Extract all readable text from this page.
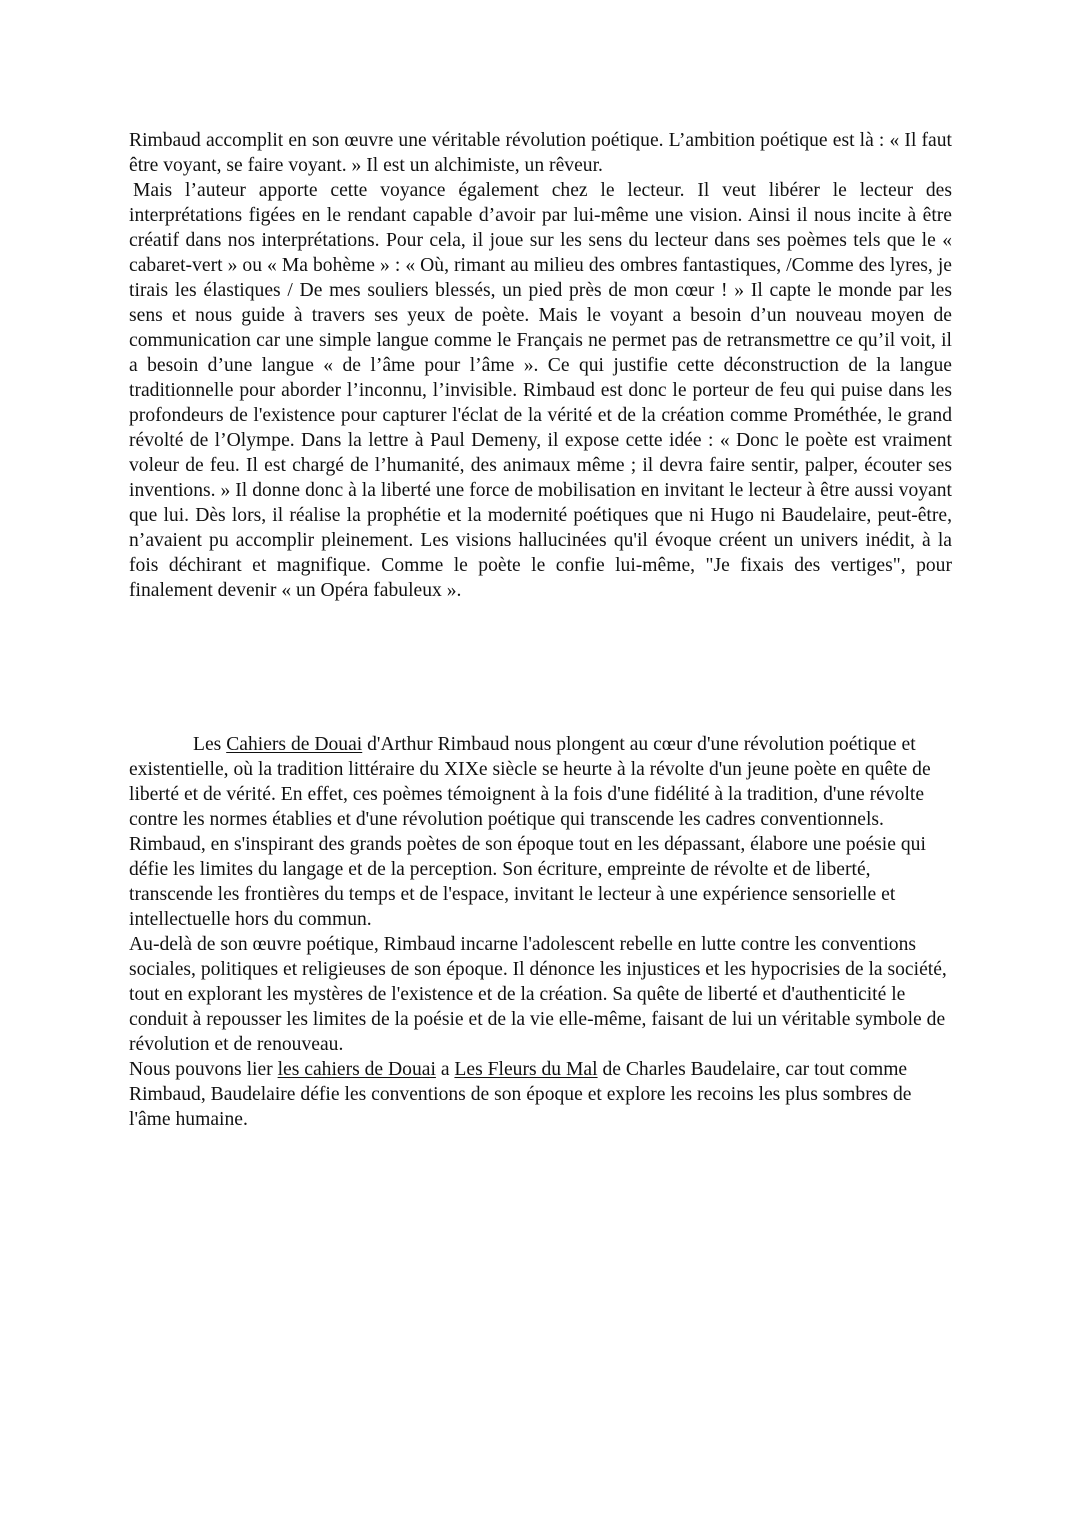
Rimbaud accomplit en son œuvre une véritable révolution poétique. L’ambition poétique est là : « Il faut être voyant, se faire voyant. » Il est un alchimiste, un rêveur.

Mais l’auteur apporte cette voyance également chez le lecteur. Il veut libérer le lecteur des interprétations figées en le rendant capable d’avoir par lui-même une vision. Ainsi il nous incite à être créatif dans nos interprétations. Pour cela, il joue sur les sens du lecteur dans ses poèmes tels que le « cabaret-vert » ou « Ma bohème » : « Où, rimant au milieu des ombres fantastiques, /Comme des lyres, je tirais les élastiques / De mes souliers blessés, un pied près de mon cœur ! » Il capte le monde par les sens et nous guide à travers ses yeux de poète. Mais le voyant a besoin d’un nouveau moyen de communication car une simple langue comme le Français ne permet pas de retransmettre ce qu’il voit, il a besoin d’une langue « de l’âme pour l’âme ». Ce qui justifie cette déconstruction de la langue traditionnelle pour aborder l’inconnu, l’invisible. Rimbaud est donc le porteur de feu qui puise dans les profondeurs de l'existence pour capturer l'éclat de la vérité et de la création comme Prométhée, le grand révolté de l’Olympe. Dans la lettre à Paul Demeny, il expose cette idée : « Donc le poète est vraiment voleur de feu. Il est chargé de l’humanité, des animaux même ; il devra faire sentir, palper, écouter ses inventions. » Il donne donc à la liberté une force de mobilisation en invitant le lecteur à être aussi voyant que lui. Dès lors, il réalise la prophétie et la modernité poétiques que ni Hugo ni Baudelaire, peut-être, n’avaient pu accomplir pleinement. Les visions hallucinées qu'il évoque créent un univers inédit, à la fois déchirant et magnifique. Comme le poète le confie lui-même, "Je fixais des vertiges", pour finalement devenir « un Opéra fabuleux ».

Les Cahiers de Douai d'Arthur Rimbaud nous plongent au cœur d'une révolution poétique et existentielle, où la tradition littéraire du XIXe siècle se heurte à la révolte d'un jeune poète en quête de liberté et de vérité. En effet, ces poèmes témoignent à la fois d'une fidélité à la tradition, d'une révolte contre les normes établies et d'une révolution poétique qui transcende les cadres conventionnels.

Rimbaud, en s'inspirant des grands poètes de son époque tout en les dépassant, élabore une poésie qui défie les limites du langage et de la perception. Son écriture, empreinte de révolte et de liberté, transcende les frontières du temps et de l'espace, invitant le lecteur à une expérience sensorielle et intellectuelle hors du commun.

Au-delà de son œuvre poétique, Rimbaud incarne l'adolescent rebelle en lutte contre les conventions sociales, politiques et religieuses de son époque. Il dénonce les injustices et les hypocrisies de la société, tout en explorant les mystères de l'existence et de la création. Sa quête de liberté et d'authenticité le conduit à repousser les limites de la poésie et de la vie elle-même, faisant de lui un véritable symbole de révolution et de renouveau.

Nous pouvons lier les cahiers de Douai a Les Fleurs du Mal de Charles Baudelaire, car tout comme Rimbaud, Baudelaire défie les conventions de son époque et explore les recoins les plus sombres de l'âme humaine.
